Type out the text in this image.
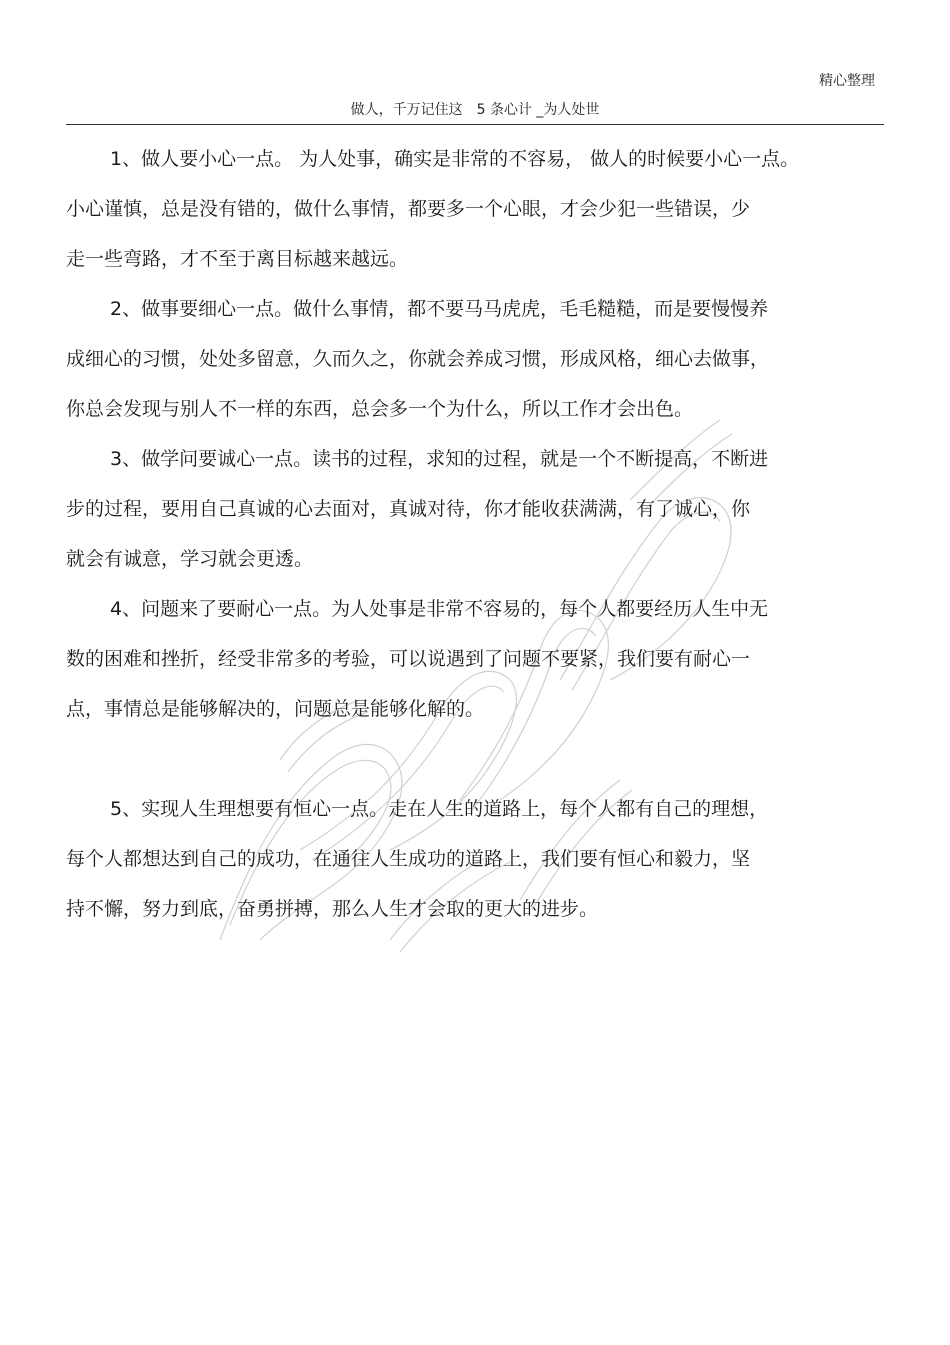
精心整理
做人，千万记住这　5 条心计 _为人处世

1、做人要小心一点。 为人处事，确实是非常的不容易， 做人的时候要小心一点。
小心谨慎，总是没有错的，做什么事情，都要多一个心眼，才会少犯一些错误，少
走一些弯路，才不至于离目标越来越远。

2、做事要细心一点。做什么事情，都不要马马虎虎，毛毛糙糙，而是要慢慢养
成细心的习惯，处处多留意，久而久之，你就会养成习惯，形成风格，细心去做事，
你总会发现与别人不一样的东西，总会多一个为什么，所以工作才会出色。

3、做学问要诚心一点。读书的过程，求知的过程，就是一个不断提高，不断进
步的过程，要用自己真诚的心去面对，真诚对待，你才能收获满满，有了诚心，你
就会有诚意，学习就会更透。

4、问题来了要耐心一点。为人处事是非常不容易的，每个人都要经历人生中无
数的困难和挫折，经受非常多的考验，可以说遇到了问题不要紧，我们要有耐心一
点，事情总是能够解决的，问题总是能够化解的。

5、实现人生理想要有恒心一点。走在人生的道路上，每个人都有自己的理想，
每个人都想达到自己的成功，在通往人生成功的道路上，我们要有恒心和毅力，坚
持不懈，努力到底，奋勇拼搏，那么人生才会取的更大的进步。
